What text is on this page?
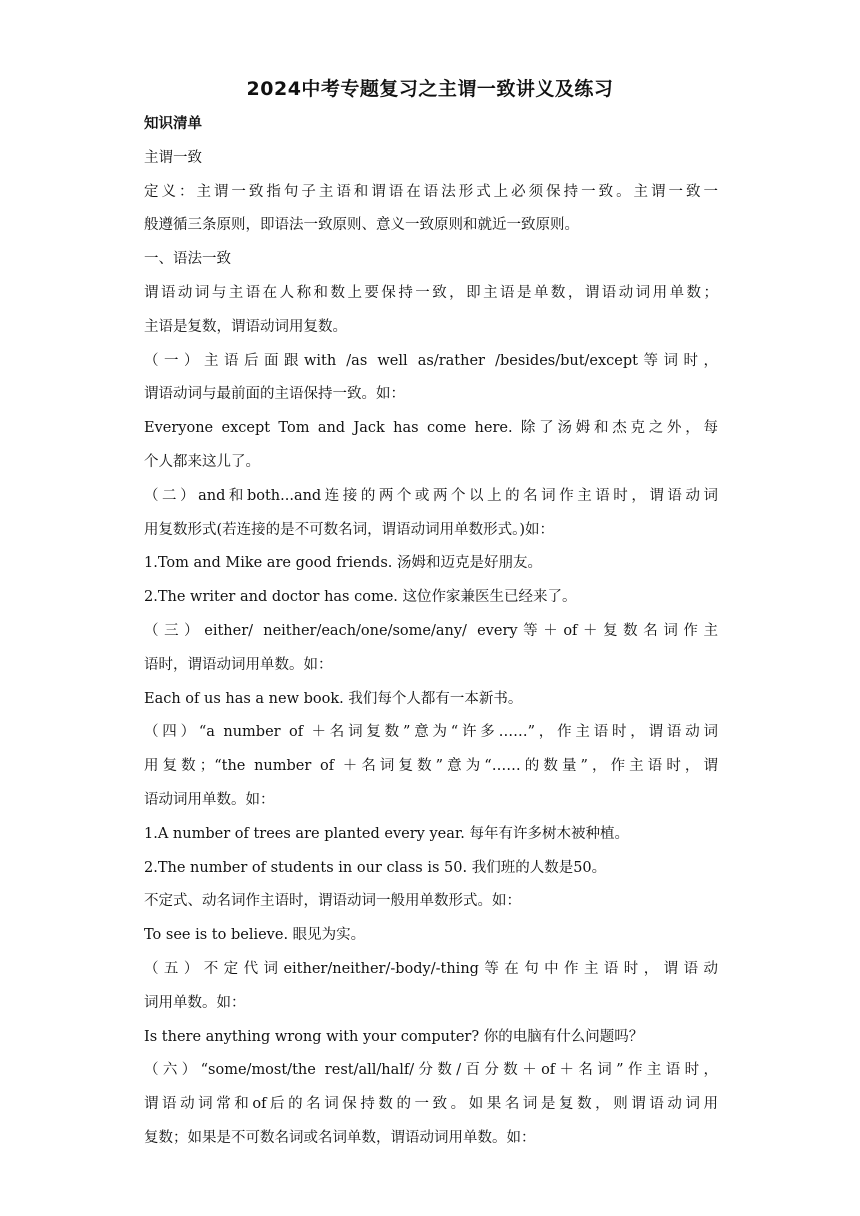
2024中考专题复习之主谓一致讲义及练习
知识清单
主谓一致
定义：主谓一致指句子主语和谓语在语法形式上必须保持一致。主谓一致一
般遵循三条原则，即语法一致原则、意义一致原则和就近一致原则。
一、语法一致
谓语动词与主语在人称和数上要保持一致，即主语是单数，谓语动词用单数；
主语是复数，谓语动词用复数。
（一）主语后面跟with /as well as/rather /besides/but/except等词时，
谓语动词与最前面的主语保持一致。如：
Everyone except Tom and Jack has come here. 除了汤姆和杰克之外，每
个人都来这儿了。
（二）and和both...and连接的两个或两个以上的名词作主语时，谓语动词
用复数形式(若连接的是不可数名词，谓语动词用单数形式。)如：
1.Tom and Mike are good friends. 汤姆和迈克是好朋友。
2.The writer and doctor has come. 这位作家兼医生已经来了。
（三）either/ neither/each/one/some/any/ every等＋of＋复数名词作主
语时，谓语动词用单数。如：
Each of us has a new book. 我们每个人都有一本新书。
（四）“a number of ＋名词复数”意为“许多……”，作主语时，谓语动词
用复数；“the number of ＋名词复数”意为“……的数量”，作主语时，谓
语动词用单数。如：
1.A number of trees are planted every year. 每年有许多树木被种植。
2.The number of students in our class is 50. 我们班的人数是50。
不定式、动名词作主语时，谓语动词一般用单数形式。如：
To see is to believe. 眼见为实。
（五）不定代词either/neither/-body/-thing等在句中作主语时，谓语动
词用单数。如：
Is there anything wrong with your computer? 你的电脑有什么问题吗？
（六）“some/most/the rest/all/half/分数/百分数＋of＋名词”作主语时，
谓语动词常和of后的名词保持数的一致。如果名词是复数，则谓语动词用
复数；如果是不可数名词或名词单数，谓语动词用单数。如：
